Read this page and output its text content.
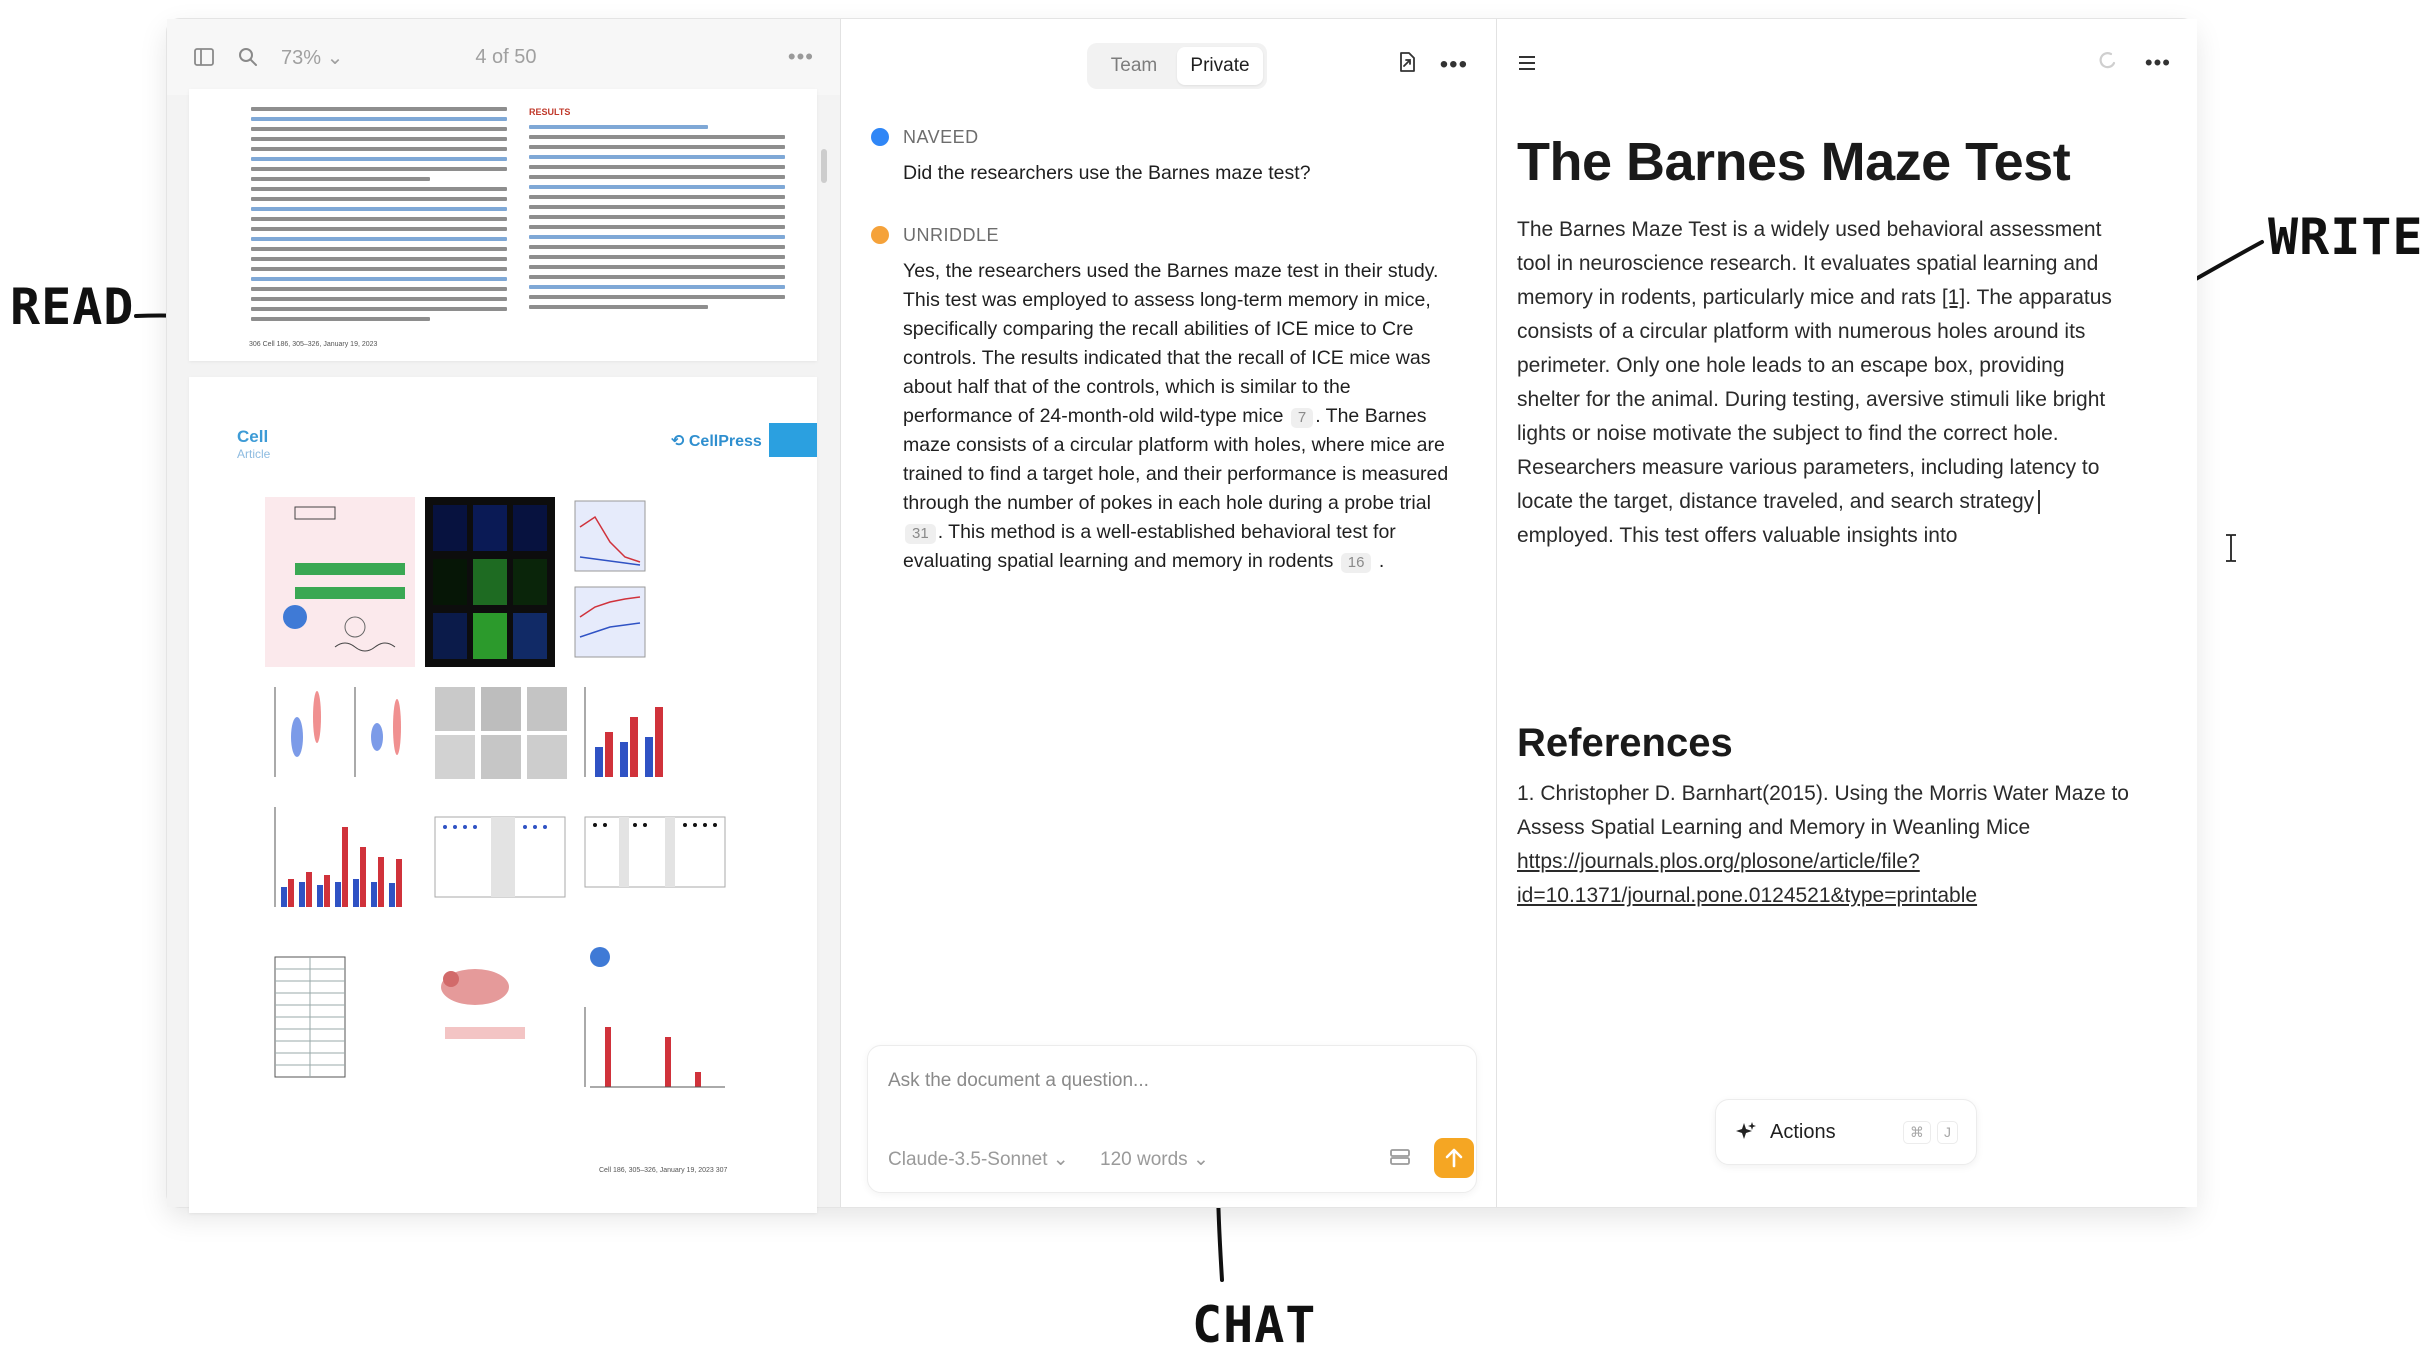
READ
WRITE
CHAT
73% ⌄	4 of 50	•••
RESULTS
306 Cell 186, 305–326, January 19, 2023
Cell
Article
⟲ CellPress
Cell 186, 305–326, January 19, 2023 307
Team	Private	•••
NAVEED
Did the researchers use the Barnes maze test?
UNRIDDLE
Yes, the researchers used the Barnes maze test in their study. This test was employed to assess long-term memory in mice, specifically comparing the recall abilities of ICE mice to Cre controls. The results indicated that the recall of ICE mice was about half that of the controls, which is similar to the performance of 24-month-old wild-type mice 7 . The Barnes maze consists of a circular platform with holes, where mice are trained to find a target hole, and their performance is measured through the number of pokes in each hole during a probe trial 31 . This method is a well-established behavioral test for evaluating spatial learning and memory in rodents 16 .
Ask the document a question...
Claude-3.5-Sonnet ⌄ 120 words ⌄
•••
The Barnes Maze Test
The Barnes Maze Test is a widely used behavioral assessment tool in neuroscience research. It evaluates spatial learning and memory in rodents, particularly mice and rats [1]. The apparatus consists of a circular platform with numerous holes around its perimeter. Only one hole leads to an escape box, providing shelter for the animal. During testing, aversive stimuli like bright lights or noise motivate the subject to find the correct hole. Researchers measure various parameters, including latency to locate the target, distance traveled, and search strategy employed. This test offers valuable insights into
References
1. Christopher D. Barnhart(2015). Using the Morris Water Maze to Assess Spatial Learning and Memory in Weanling Mice
https://journals.plos.org/plosone/article/file?
id=10.1371/journal.pone.0124521&type=printable
Actions	⌘	J
